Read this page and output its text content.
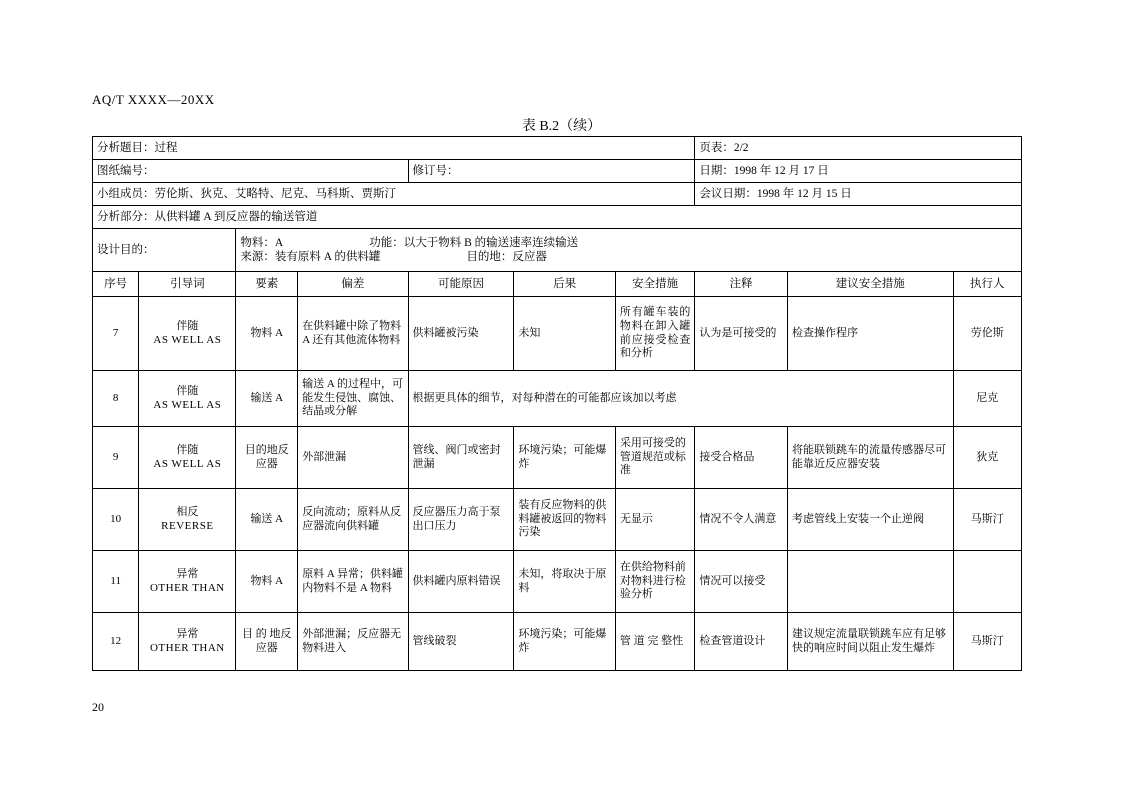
AQ/T XXXX—20XX
表 B.2（续）
分析题目：过程							页表：2/2		
图纸编号：				修订号：			日期：1998 年 12 月 17 日		
小组成员：劳伦斯、狄克、艾略特、尼克、马科斯、贾斯汀							会议日期：1998 年 12 月 15 日		
分析部分：从供料罐 A 到反应器的输送管道									
设计目的：		物料：A 功能：以大于物料 B 的输送速率连续输送
来源：装有原料 A 的供料罐 目的地：反应器							

序号	引导词	要素	偏差	可能原因	后果	安全措施	注释	建议安全措施	执行人
7	伴随
AS WELL AS	物料 A	在供料罐中除了物料 A 还有其他流体物料	供料罐被污染	未知	所有罐车装的物料在卸入罐前应接受检查和分析	认为是可接受的	检查操作程序	劳伦斯
8	伴随
AS WELL AS	输送 A	输送 A 的过程中，可能发生侵蚀、腐蚀、结晶或分解	根据更具体的细节，对每种潜在的可能都应该加以考虑					尼克
9	伴随
AS WELL AS	目的地反应器	外部泄漏	管线、阀门或密封泄漏	环境污染；可能爆炸	采用可接受的管道规范或标准	接受合格品	将能联锁跳车的流量传感器尽可能靠近反应器安装	狄克
10	相反
REVERSE	输送 A	反向流动；原料从反应器流向供料罐	反应器压力高于泵出口压力	装有反应物料的供料罐被返回的物料污染	无显示	情况不令人满意	考虑管线上安装一个止逆阀	马斯汀
11	异常
OTHER THAN	物料 A	原料 A 异常；供料罐内物料不是 A 物料	供料罐内原料错误	未知，将取决于原料	在供给物料前对物料进行检验分析	情况可以接受		
12	异常
OTHER THAN	目 的 地反应器	外部泄漏；反应器无物料进入	管线破裂	环境污染；可能爆炸	管 道 完 整性	检查管道设计	建议规定流量联锁跳车应有足够快的响应时间以阻止发生爆炸	马斯汀
20
